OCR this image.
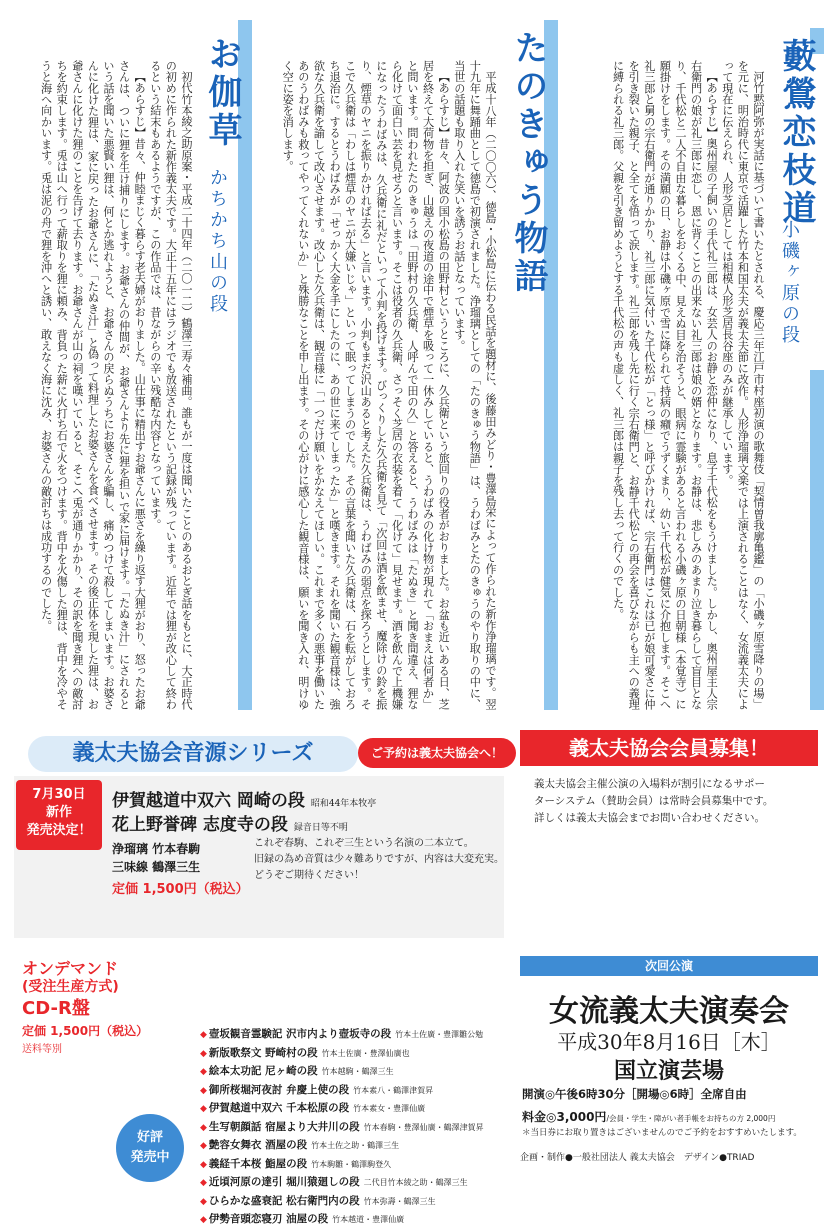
藪鶯恋枝道
小磯ヶ原の段

河竹黙阿弥が実話に基づいて書いたとされる、慶応三年江戸市村座初演の歌舞伎「契情曽我廓亀鑑」の「小磯ヶ原雪降りの場」を元に、明治時代に東京で活躍した竹本和国太夫が義太夫節に改作。人形浄瑠璃文楽では上演されることはなく、女流義太夫によって現在に伝えられ、人形芝居としては相模人形芝居長谷座のみが継承しています。

【あらすじ】奥州屋の子飼いの手代礼三郎は、女芸人のお静と恋仲になり、息子千代松をもうけました。しかし、奥州屋主人宗右衛門の娘が礼三郎に恋し、恩に背くことの出来ない礼三郎は娘の婿となります。お静は、悲しみのあまり泣き暮らして盲目となり、千代松と二人不自由な暮らしをおくる中、見えぬ目を治そうと、眼病に霊験があると言われる小磯ヶ原の日朝様（本覚寺）に願掛けをします。その満願の日、お静は小磯ヶ原で雪に降られて持病の癪でうずくまり、幼い千代松が健気に介抱します。そこへ礼三郎と舅の宗右衛門が通りかかり、礼三郎に気付いた千代松が「とっ様」と呼びかければ、宗右衛門はこれは已が娘可愛さに仲を引き裂いた親子、と全てを悟って涙します。礼三郎を残し先に行く宗右衛門と、お静千代松との再会を喜びながらも主への義理に縛られる礼三郎。父親を引き留めようとする千代松の声も虚しく、礼三郎は親子を残し去って行くのでした。

たのきゅう物語

平成十八年（二〇〇六）、徳島・小松島に伝わる民話を題材に、後藤田みどり・豊澤島栄によって作られた新作浄瑠璃です。翌十九年に舞踊曲として徳島で初演されました。浄瑠璃としての「たのきゅう物語」は、うわばみとたのきゅうのやり取りの中に、当世の話題も取り入れた笑いを誘うお話となっています。

【あらすじ】昔々、阿波の国小松島の田野村というところに、久兵衛という旅回りの役者がおりました。お盆も近いある日、芝居を終えて大荷物を担ぎ、山越えの夜道の途中で煙草を吸って一休みしていると、うわばみの化け物が現れて「おまえは何者か」と問います。問われたたのきゅうは「田野村の久兵衛、人呼んで田の久」と答えると、うわばみは「たぬき」と聞き間違え、狸なら化けて面白い芸を見せろと言います。そこは役者の久兵衛、さっそく芝居の衣装を着て「化けて」見せます。酒を飲んで上機嫌になったうわばみは、久兵衛に礼だといって小判を投げます。びっくりした久兵衛を見て「次回は酒を飲ませ、魔除けの鈴を振り、煙草のヤニを振りかければ去る」と言います。小判もまだ沢山あると考えた久兵衛は、うわばみの弱点を探ろうとします。そこで久兵衛は「わしは煙草のヤニが大嫌いじゃ」といって眠ってしまうのでした。その言葉を聞いた久兵衛は、石を転がしておろち退治に。するとうわばみが「せっかく大金を手にしたのに、あの世に来てしまったか」と嘆きます。それを聞いた観音様は、強欲な久兵衛を諭して改心させます。改心した久兵衛は、観音様に「一つだけ願いをかなえてほしい。これまで多くの悪事を働いたあのうわばみも救ってやってくれないか」と殊勝なことを申し出ます。その心がけに感心した観音様は、願いを聞き入れ、明けゆく空に姿を消します。

お伽草
かちかち山の段

初代竹本綾之助原案・平成二十四年（二〇一二）鶴澤三寿々補曲。誰もが一度は聞いたことのあるおとぎ話をもとに、大正時代の初めに作られた新作義太夫です。大正十五年にはラジオでも放送されたという記録が残っています。近年では狸が改心して終わるという結末もあるようですが、この作品では、昔ながらの辛い残酷な内容となっています。

【あらすじ】昔々、仲睦まじく暮らす老夫婦がおりました。山仕事に精出すお爺さんに悪さを繰り返す大狸がおり、怒ったお爺さんは、ついに狸を生け捕りにします。お爺さんの仲間が、お爺さんより先に狸を担いで家に届けます。「たぬき汁」にされるという話を聞いた悪賢い狸は、何とか逃れようと、お爺さんの戻らぬうちにお婆さんを騙し、痛めつけて殺してしまいます。お婆さんに化けた狸は、家に戻ったお爺さんに、「たぬき汁」と偽って料理したお婆さんを食べさせます。その後正体を現した狸は、お爺さんに化けた狸のことを告げて去ります。お爺さんが山の祠を嘆いていると、そこへ兎が通りかかり、その訳を聞き狸への敵討ちを約束します。兎は山へ行って薪取りを狸に頼み、背負った薪に火打ち石で火をつけます。背中を火傷した狸は、背中を冷やそうと海へ向かいます。兎は泥の舟で狸を沖へと誘い、敢えなく海に沈み、お婆さんの敵討ちは成功するのでした。

義太夫協会音源シリーズ	ご予約は義太夫協会へ！
7月30日
新作
発売決定！
伊賀越道中双六 岡崎の段 昭和44年本牧亭
花上野誉碑 志度寺の段 録音日等不明
浄瑠璃 竹本春駒
三味線 鶴澤三生
定価 1,500円（税込）
これぞ春駒、これぞ三生という名演の二本立て。
旧録の為め音質は少々難ありですが、内容は大変充実。
どうぞご期待ください！
オンデマンド
(受注生産方式)
CD-R盤
定価 1,500円（税込）
送料等別
好評
発売中
◆ 壺坂観音霊験記 沢市内より壺坂寺の段 竹本土佐廣・豊澤雛公勉
◆ 新版歌祭文 野崎村の段 竹本土佐廣・豊澤仙廣也
◆ 絵本太功記 尼ヶ崎の段 竹本越駒・鶴澤三生
◆ 御所桜堀河夜討 弁慶上使の段 竹本素八・鶴澤津賀昇
◆ 伊賀越道中双六 千本松原の段 竹本素女・豊澤仙廣
◆ 生写朝顔話 宿屋より大井川の段 竹本春駒・豊澤仙廣・鶴澤津賀昇
◆ 艶容女舞衣 酒屋の段 竹本土佐之助・鶴澤三生
◆ 義経千本桜 鮨屋の段 竹本駒雛・鶴澤駒登久
◆ 近頃河原の達引 堀川猿廻しの段 二代目竹本綾之助・鶴澤三生
◆ ひらかな盛衰記 松右衛門内の段 竹本弥壽・鶴澤三生
◆ 伊勢音頭恋寝刃 油屋の段 竹本越道・豊澤仙廣
義太夫協会会員募集！
義太夫協会主催公演の入場料が割引になるサポー
ターシステム（賛助会員）は常時会員募集中です。
詳しくは義太夫協会までお問い合わせください。
次回公演
女流義太夫演奏会
平成30年8月16日［木］
国立演芸場
開演◎午後6時30分［開場◎6時］全席自由
料金◎3,000円/会員・学生・障がい者手帳をお持ちの方 2,000円
＊当日券にお取り置きはございませんのでご予約をおすすめいたします。
企画・制作●一般社団法人 義太夫協会　デザイン●TRIAD
